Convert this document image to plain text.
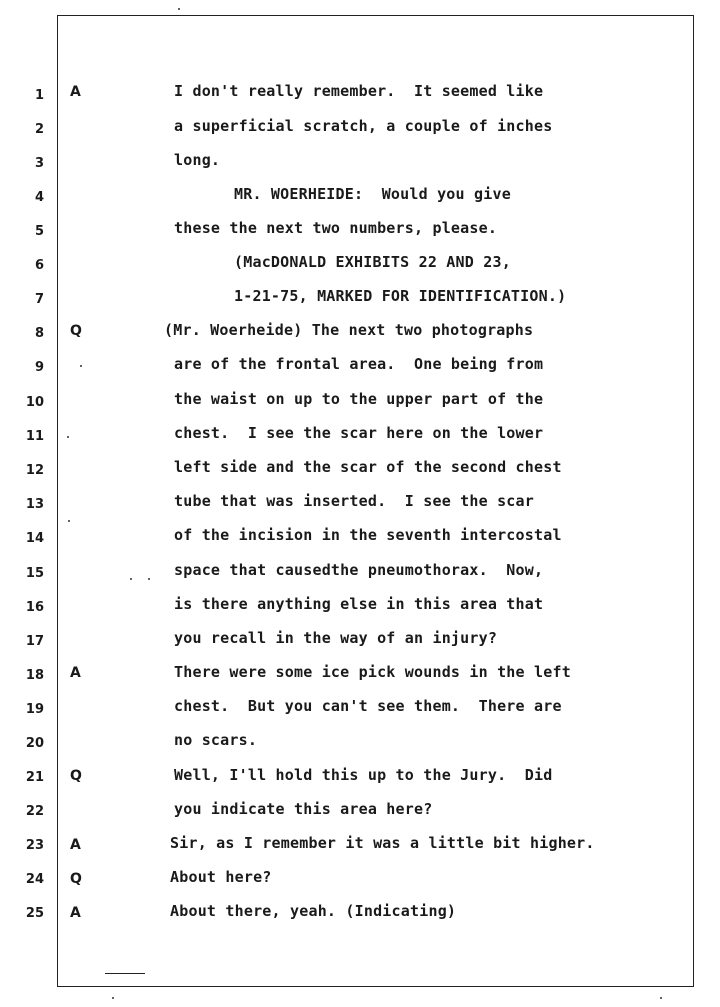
1 A	I don't really remember.  It seemed like
2	a superficial scratch, a couple of inches
3	long.
4	MR. WOERHEIDE:  Would you give
5	these the next two numbers, please.
6	(MacDONALD EXHIBITS 22 AND 23,
7	1-21-75, MARKED FOR IDENTIFICATION.)
8 Q	(Mr. Woerheide) The next two photographs
9	are of the frontal area.  One being from
10	the waist on up to the upper part of the
11	chest.  I see the scar here on the lower
12	left side and the scar of the second chest
13	tube that was inserted.  I see the scar
14	of the incision in the seventh intercostal
15	space that causedthe pneumothorax.  Now,
16	is there anything else in this area that
17	you recall in the way of an injury?
18 A	There were some ice pick wounds in the left
19	chest.  But you can't see them.  There are
20	no scars.
21 Q	Well, I'll hold this up to the Jury.  Did
22	you indicate this area here?
23 A	Sir, as I remember it was a little bit higher.
24 Q	About here?
25 A	About there, yeah. (Indicating)
